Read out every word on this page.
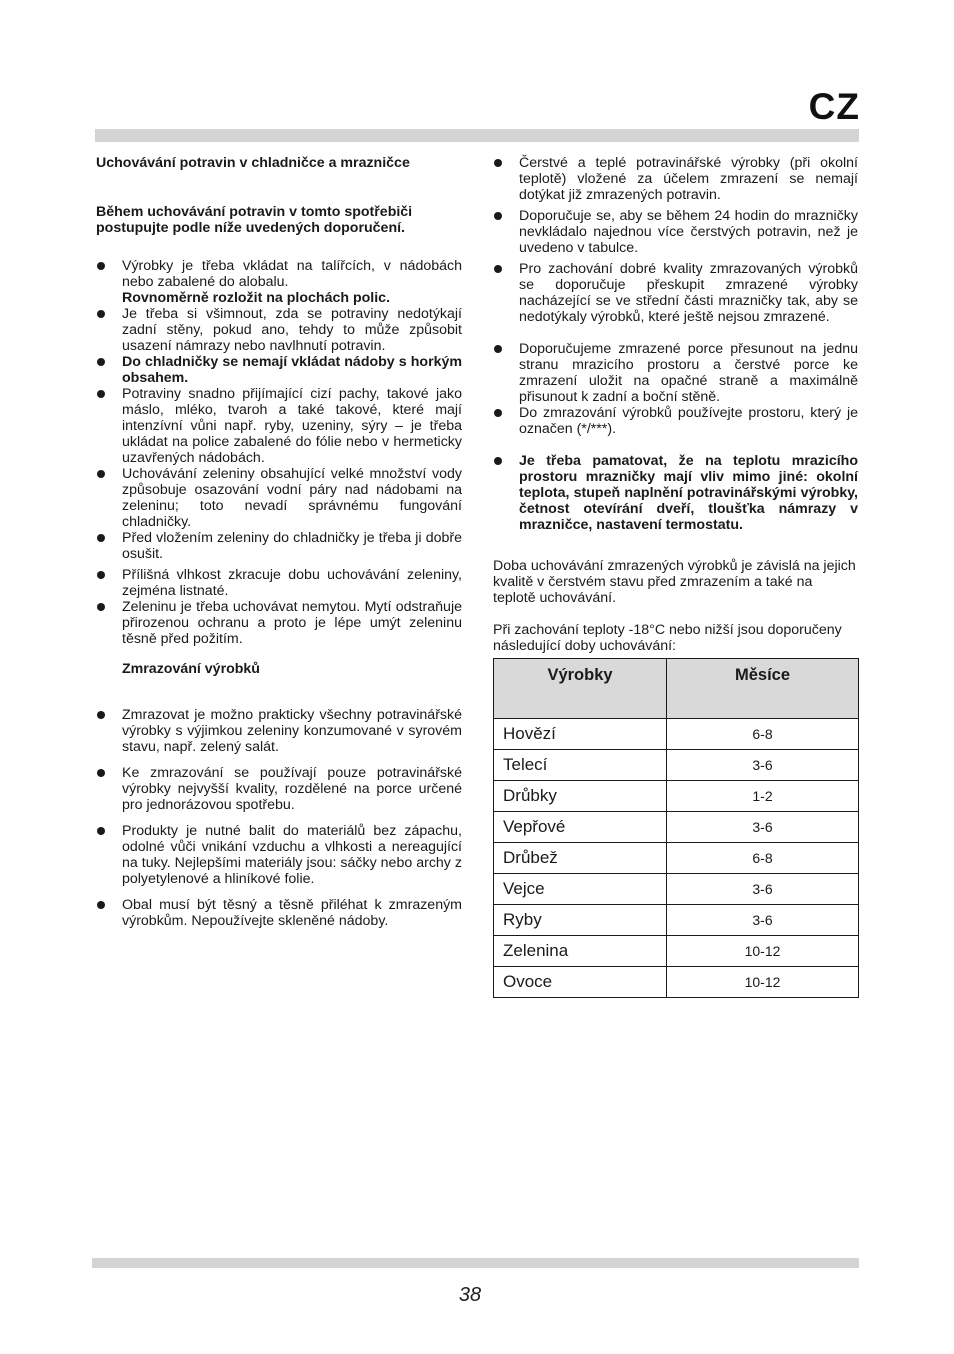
CZ

Uchovávání potravin v chladničce a mrazničce

Během uchovávání potravin v tomto spotřebiči postupujte podle níže uvedených doporučení.

Výrobky je třeba vkládat na talířcích, v nádobách nebo zabalené do alobalu.
Rovnoměrně rozložit na plochách polic.
Je třeba si všimnout, zda se potraviny nedotýkají zadní stěny, pokud ano, tehdy to může způsobit usazení námrazy nebo navlhnutí potravin.
Do chladničky se nemají vkládat nádoby s horkým obsahem.
Potraviny snadno přijímající cizí pachy, takové jako máslo, mléko, tvaroh a také takové, které mají intenzívní vůni např. ryby, uzeniny, sýry – je třeba ukládat na police zabalené do fólie nebo v hermeticky uzavřených nádobách.
Uchovávání zeleniny obsahující velké množství vody způsobuje osazování vodní páry nad nádobami na zeleninu; toto nevadí správnému fungování chladničky.
Před vložením zeleniny do chladničky je třeba ji dobře osušit.
Přílišná vlhkost zkracuje dobu uchovávání zeleniny, zejména listnaté.
Zeleninu je třeba uchovávat nemytou. Mytí odstraňuje přirozenou ochranu a proto je lépe umýt zeleninu těsně před požitím.

Zmrazování výrobků

Zmrazovat je možno prakticky všechny potravinářské výrobky s výjimkou zeleniny konzumované v syrovém stavu, např. zelený salát.
Ke zmrazování se používají pouze potravinářské výrobky nejvyšší kvality, rozdělené na porce určené pro jednorázovou spotřebu.
Produkty je nutné balit do materiálů bez zápachu, odolné vůči vnikání vzduchu a vlhkosti a nereagující na tuky. Nejlepšími materiály jsou: sáčky nebo archy z polyetylenové a hliníkové folie.
Obal musí být těsný a těsně přiléhat k zmrazeným výrobkům. Nepoužívejte skleněné nádoby.
Čerstvé a teplé potravinářské výrobky (při okolní teplotě) vložené za účelem zmrazení se nemají dotýkat již zmrazených potravin.
Doporučuje se, aby se během 24 hodin do mrazničky nevkládalo najednou více čerstvých potravin, než je uvedeno v tabulce.
Pro zachování dobré kvality zmrazovaných výrobků se doporučuje přeskupit zmrazené výrobky nacházející se ve střední části mrazničky tak, aby se nedotýkaly výrobků, které ještě nejsou zmrazené.
Doporučujeme zmrazené porce přesunout na jednu stranu mrazicího prostoru a čerstvé porce ke zmrazení uložit na opačné straně a maximálně přisunout k zadní a boční stěně.
Do zmrazování výrobků používejte prostoru, který je označen (*/***).
Je třeba pamatovat, že na teplotu mrazicího prostoru mrazničky mají vliv mimo jiné: okolní teplota, stupeň naplnění potravinářskými výrobky, četnost otevírání dveří, tloušťka námrazy v mrazničce, nastavení termostatu.

Doba uchovávání zmrazených výrobků je závislá na jejich kvalitě v čerstvém stavu před zmrazením a také na teplotě uchovávání.

Při zachování teploty -18°C nebo nižší jsou doporučeny následující doby uchovávání:

Výrobky	Měsíce
Hovězí	6-8
Telecí	3-6
Drůbky	1-2
Vepřové	3-6
Drůbež	6-8
Vejce	3-6
Ryby	3-6
Zelenina	10-12
Ovoce	10-12
38
